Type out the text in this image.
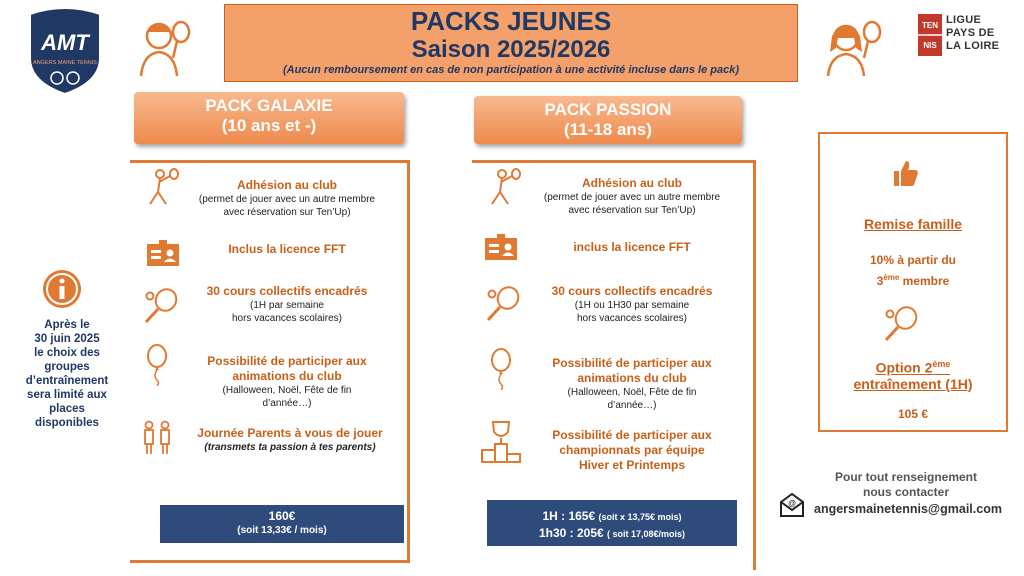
AMT
ANGERS MAINE TENNIS
PACKS JEUNES
Saison 2025/2026
(Aucun remboursement en cas de non participation à une activité incluse dans le pack)
TEN
NIS
LIGUE
PAYS DE
LA LOIRE
PACK GALAXIE
(10 ans et -)
PACK PASSION
(11-18 ans)
Adhésion au club
(permet de jouer avec un autre membre
avec réservation sur Ten’Up)
Inclus la licence FFT
30 cours collectifs encadrés
(1H par semaine
hors vacances scolaires)
Possibilité de participer aux
animations du club
(Halloween, Noël, Fête de fin
d’année…)
Journée Parents à vous de jouer
(transmets ta passion à tes parents)
160€
(soit 13,33€ / mois)
Adhésion au club
(permet de jouer avec un autre membre
avec réservation sur Ten’Up)
inclus la licence FFT
30 cours collectifs encadrés
(1H ou 1H30 par semaine
hors vacances scolaires)
Possibilité de participer aux
animations du club
(Halloween, Noël, Fête de fin
d’année…)
Possibilité de participer aux
championnats par équipe
Hiver et Printemps
1H : 165€ (soit x 13,75€ mois)
1h30 : 205€ ( soit 17,08€/mois)
Remise famille
10% à partir du
3ème membre
Option 2ème
entraînement (1H)
105 €
Après le
30 juin 2025
le choix des
groupes
d’entraînement
sera limité aux
places
disponibles
Pour tout renseignement
nous contacter
@ angersmainetennis@gmail.com
